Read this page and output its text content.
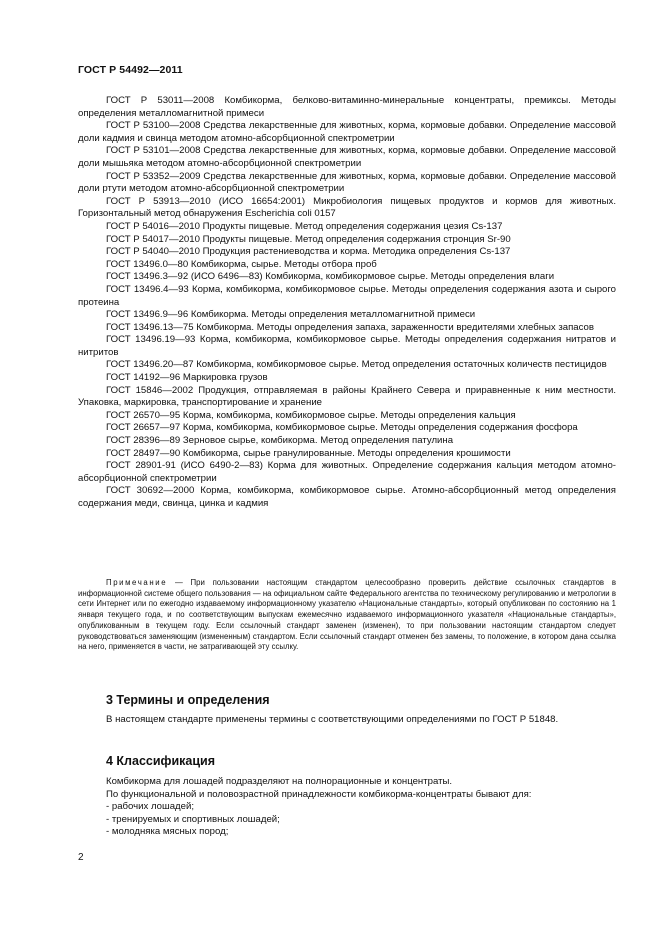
ГОСТ Р 54492—2011

ГОСТ Р 53011—2008 Комбикорма, белково-витаминно-минеральные концентраты, премиксы. Методы определения металломагнитной примеси

ГОСТ Р 53100—2008 Средства лекарственные для животных, корма, кормовые добавки. Определение массовой доли кадмия и свинца методом атомно-абсорбционной спектрометрии

ГОСТ Р 53101—2008 Средства лекарственные для животных, корма, кормовые добавки. Определение массовой доли мышьяка методом атомно-абсорбционной спектрометрии

ГОСТ Р 53352—2009 Средства лекарственные для животных, корма, кормовые добавки. Определение массовой доли ртути методом атомно-абсорбционной спектрометрии

ГОСТ Р 53913—2010 (ИСО 16654:2001) Микробиология пищевых продуктов и кормов для животных. Горизонтальный метод обнаружения Escherichia coli 0157

ГОСТ Р 54016—2010 Продукты пищевые. Метод определения содержания цезия Cs-137

ГОСТ Р 54017—2010 Продукты пищевые. Метод определения содержания стронция Sr-90

ГОСТ Р 54040—2010 Продукция растениеводства и корма. Методика определения Cs-137

ГОСТ 13496.0—80 Комбикорма, сырье. Методы отбора проб

ГОСТ 13496.3—92 (ИСО 6496—83) Комбикорма, комбикормовое сырье. Методы определения влаги

ГОСТ 13496.4—93 Корма, комбикорма, комбикормовое сырье. Методы определения содержания азота и сырого протеина

ГОСТ 13496.9—96 Комбикорма. Методы определения металломагнитной примеси

ГОСТ 13496.13—75 Комбикорма. Методы определения запаха, зараженности вредителями хлебных запасов

ГОСТ 13496.19—93 Корма, комбикорма, комбикормовое сырье. Методы определения содержания нитратов и нитритов

ГОСТ 13496.20—87 Комбикорма, комбикормовое сырье. Метод определения остаточных количеств пестицидов

ГОСТ 14192—96 Маркировка грузов

ГОСТ 15846—2002 Продукция, отправляемая в районы Крайнего Севера и приравненные к ним местности. Упаковка, маркировка, транспортирование и хранение

ГОСТ 26570—95 Корма, комбикорма, комбикормовое сырье. Методы определения кальция

ГОСТ 26657—97 Корма, комбикорма, комбикормовое сырье. Методы определения содержания фосфора

ГОСТ 28396—89 Зерновое сырье, комбикорма. Метод определения патулина

ГОСТ 28497—90 Комбикорма, сырье гранулированные. Методы определения крошимости

ГОСТ 28901-91 (ИСО 6490-2—83) Корма для животных. Определение содержания кальция методом атомно-абсорбционной спектрометрии

ГОСТ 30692—2000 Корма, комбикорма, комбикормовое сырье. Атомно-абсорбционный метод определения содержания меди, свинца, цинка и кадмия

Примечание — При пользовании настоящим стандартом целесообразно проверить действие ссылочных стандартов в информационной системе общего пользования — на официальном сайте Федерального агентства по техническому регулированию и метрологии в сети Интернет или по ежегодно издаваемому информационному указателю «Национальные стандарты», который опубликован по состоянию на 1 января текущего года, и по соответствующим выпускам ежемесячно издаваемого информационного указателя «Национальные стандарты», опубликованным в текущем году. Если ссылочный стандарт заменен (изменен), то при пользовании настоящим стандартом следует руководствоваться заменяющим (измененным) стандартом. Если ссылочный стандарт отменен без замены, то положение, в котором дана ссылка на него, применяется в части, не затрагивающей эту ссылку.

3 Термины и определения

В настоящем стандарте применены термины с соответствующими определениями по ГОСТ Р 51848.

4 Классификация

Комбикорма для лошадей подразделяют на полнорационные и концентраты.

По функциональной и половозрастной принадлежности комбикорма-концентраты бывают для:

- рабочих лошадей;

- тренируемых и спортивных лошадей;

- молодняка мясных пород;

2
